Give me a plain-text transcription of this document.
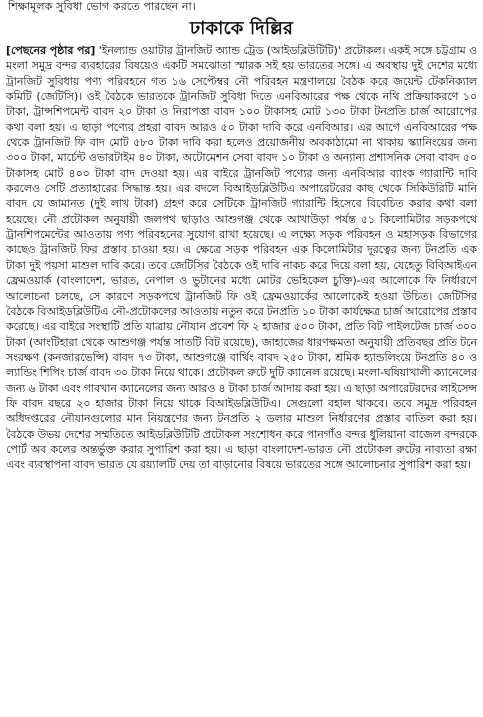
শিক্ষামূলক সুবিধা ভোগ করতে পারছেন না।
ঢাকাকে দিল্লির
[পেছনের পৃষ্ঠার পর] 'ইনল্যান্ড ওয়াটার ট্রানজিট অ্যান্ড ট্রেড (আইডব্লিউটিটি)' প্রটোকল। একই সঙ্গে চট্টগ্রাম ও মংলা সমুদ্র বন্দর ব্যবহারের বিষয়েও একটি সমঝোতা স্মারক সই হয় ভারতের সঙ্গে। এ অবস্থায় দুই দেশের মধ্যে ট্রানজিট সুবিধায় পণ্য পরিবহনে গত ১৬ সেপ্টেম্বর নৌ পরিবহন মন্ত্রণালয়ে বৈঠক করে জয়েন্ট টেকনিক্যাল কমিটি (জেটিসি)। ওই বৈঠকে ভারতকে ট্রানজিট সুবিধা দিতে এনবিআরের পক্ষ থেকে নথি প্রক্রিয়াকরণে ১০ টাকা, ট্রান্সশিপমেন্ট বাবদ ২০ টাকা ও নিরাপত্তা বাবদ ১০০ টাকাসহ মোট ১৩০ টাকা টনপ্রতি চার্জ আরোপের কথা বলা হয়। এ ছাড়া পণ্যের প্রহরা বাবদ আরও ৫০ টাকা দাবি করে এনবিআর। এর আগে এনবিআরের পক্ষ থেকে ট্রানজিট ফি বাদ মোট ৫৮০ টাকা দাবি করা হলেও প্রয়োজনীয় অবকাঠামো না থাকায় স্ক্যানিংয়ের জন্য ৩০০ টাকা, মার্চেন্ট ওভারটাইম ৪০ টাকা, অটোমেশন সেবা বাবদ ১০ টাকা ও অন্যান্য প্রশাসনিক সেবা বাবদ ৫০ টাকাসহ মোট ৪০০ টাকা বাদ দেওয়া হয়। এর বাইরে ট্রানজিট পণ্যের জন্য এনবিআর ব্যাংক গ্যারান্টি দাবি করলেও সেটি প্রত্যাহারের সিদ্ধান্ত হয়। এর বদলে বিআইডব্লিউটিএ অপারেটরের কাছ থেকে সিকিউরিটি মানি বাবদ যে জামানত (দুই লাখ টাকা) গ্রহণ করে সেটিকে ট্রানজিট গ্যারান্টি হিসেবে বিবেচিত করার কথা বলা হয়েছে। নৌ প্রটোকল অনুযায়ী জলপথ ছাড়াও আশুগঞ্জ থেকে আখাউড়া পর্যন্ত ৫১ কিলোমিটার সড়কপথে ট্রানশিপমেন্টের আওতায় পণ্য পরিবহনের সুযোগ রাখা হয়েছে। এ লক্ষ্যে সড়ক পরিবহন ও মহাসড়ক বিভাগের কাছেও ট্রানজিট ফির প্রস্তাব চাওয়া হয়। এ ক্ষেত্রে সড়ক পরিবহন এক কিলোমিটার দূরত্বের জন্য টনপ্রতি এক টাকা দুই পয়সা মাশুল দাবি করে। তবে জেটিসির বৈঠকে ওই দাবি নাকচ করে দিয়ে বলা হয়, যেহেতু বিবিআইএন ফ্রেমওয়ার্ক (বাংলাদেশ, ভারত, নেপাল ও ভুটানের মধ্যে মোটর ভেহিকেল চুক্তি)-এর আলোকে ফি নির্ধারণে আলোচনা চলছে, সে কারণে সড়কপথে ট্রানজিট ফি ওই ফ্রেমওয়ার্কের আলোকেই হওয়া উচিত। জেটিসির বৈঠকে বিআইডব্লিউটিএ নৌ-প্রটোকলের আওতায় নতুন করে টনপ্রতি ১০ টাকা কার্যক্ষেত্র চার্জ আরোপের প্রস্তাব করেছে। এর বাইরে সংস্থাটি প্রতি যাত্রায় নৌযান প্রবেশ ফি ২ হাজার ৫০০ টাকা, প্রতি বিট পাইলটেজ চার্জ ৩০০ টাকা (আংটিহারা থেকে আশুগঞ্জ পর্যন্ত সাতটি বিট রয়েছে), জাহাজের ধারণক্ষমতা অনুযায়ী প্রতিবছর প্রতি টনে সংরক্ষণ (কনজারভেন্সি) বাবদ ৭৩ টাকা, আশুগঞ্জে বার্থিং বাবদ ২৫০ টাকা, শ্রমিক হ্যান্ডলিংয়ে টনপ্রতি ৪০ ও ল্যান্ডিং শিপিং চার্জ বাবদ ৩০ টাকা নিয়ে থাকে। প্রটোকল রুটে দুটি ক্যানেল রয়েছে। মংলা-ঘষিয়াখালী ক্যানেলের জন্য ৬ টাকা এবং গাবখান ক্যানেলের জন্য আরও ৪ টাকা চার্জ আদায় করা হয়। এ ছাড়া অপারেটরদের লাইসেন্স ফি বাবদ বছরে ২০ হাজার টাকা নিয়ে থাকে বিআইডব্লিউটিএ। সেগুলো বহাল থাকবে। তবে সমুদ্র পরিবহন অধিদপ্তরের নৌযানগুলোর মান নিয়ন্ত্রণের জন্য টনপ্রতি ২ ডলার মাশুল নির্ধারণের প্রস্তাব বাতিল করা হয়। বৈঠকে উভয় দেশের সম্মতিতে আইডব্লিউটিটি প্রটোকল সংশোধন করে পানগাঁও বন্দর ধুলিয়ানা বাজেল বন্দরকে পোর্ট অব কলের অন্তর্ভুক্ত করার সুপারিশ করা হয়। এ ছাড়া বাংলাদেশ-ভারত নৌ প্রটোকল রুটের নাব্যতা রক্ষা এবং ব্যবস্থাপনা বাবদ ভারত যে রয়্যালটি দেয় তা বাড়ানোর বিষয়ে ভারতের সঙ্গে আলোচনার সুপারিশ করা হয়।
